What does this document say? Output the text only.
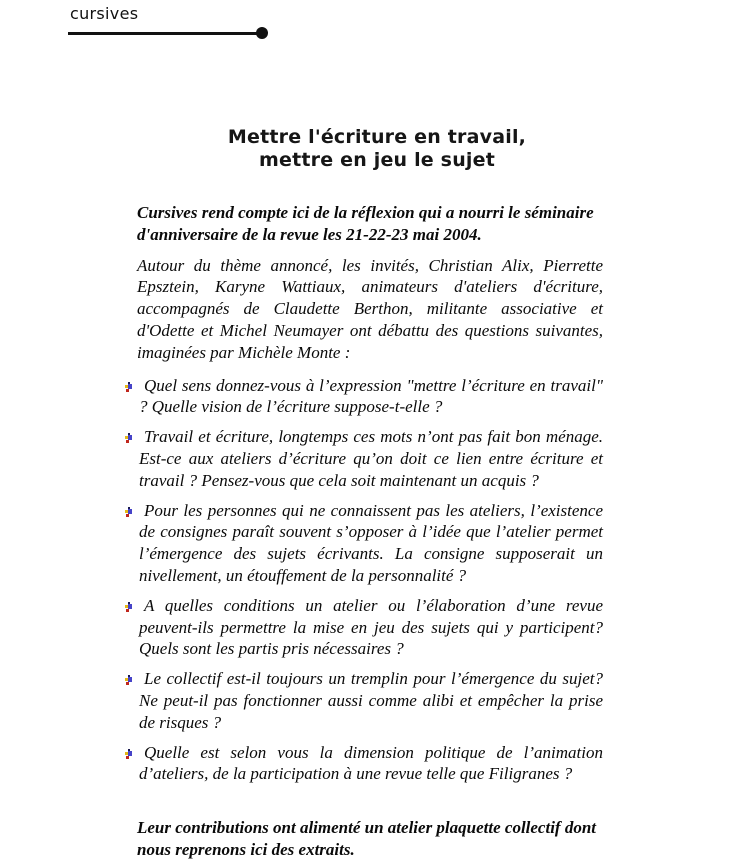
cursives
Mettre l'écriture en travail,
mettre en jeu le sujet

Cursives rend compte ici de la réflexion qui a nourri le séminaire d'anniversaire de la revue les 21-22-23 mai 2004.

Autour du thème annoncé, les invités, Christian Alix, Pierrette Epsztein, Karyne Wattiaux, animateurs d'ateliers d'écriture, accompagnés de Claudette Berthon, militante associative et d'Odette et Michel Neumayer ont débattu des questions suivantes, imaginées par Michèle Monte :

Quel sens donnez-vous à l’expression "mettre l’écriture en travail" ? Quelle vision de l’écriture suppose-t-elle ?
Travail et écriture, longtemps ces mots n’ont pas fait bon ménage. Est-ce aux ateliers d’écriture qu’on doit ce lien entre écriture et travail ? Pensez-vous que cela soit maintenant un acquis ?
Pour les personnes qui ne connaissent pas les ateliers, l’existence de consignes paraît souvent s’opposer à l’idée que l’atelier permet l’émergence des sujets écrivants. La consigne supposerait un nivellement, un étouffement de la personnalité ?
A quelles conditions un atelier ou l’élaboration d’une revue peuvent-ils permettre la mise en jeu des sujets qui y participent? Quels sont les partis pris nécessaires ?
Le collectif est-il toujours un tremplin pour l’émergence du sujet? Ne peut-il pas fonctionner aussi comme alibi et empêcher la prise de risques ?
Quelle est selon vous la dimension politique de l’animation d’ateliers, de la participation à une revue telle que Filigranes ?

Leur contributions ont alimenté un atelier plaquette collectif dont nous reprenons ici des extraits.
